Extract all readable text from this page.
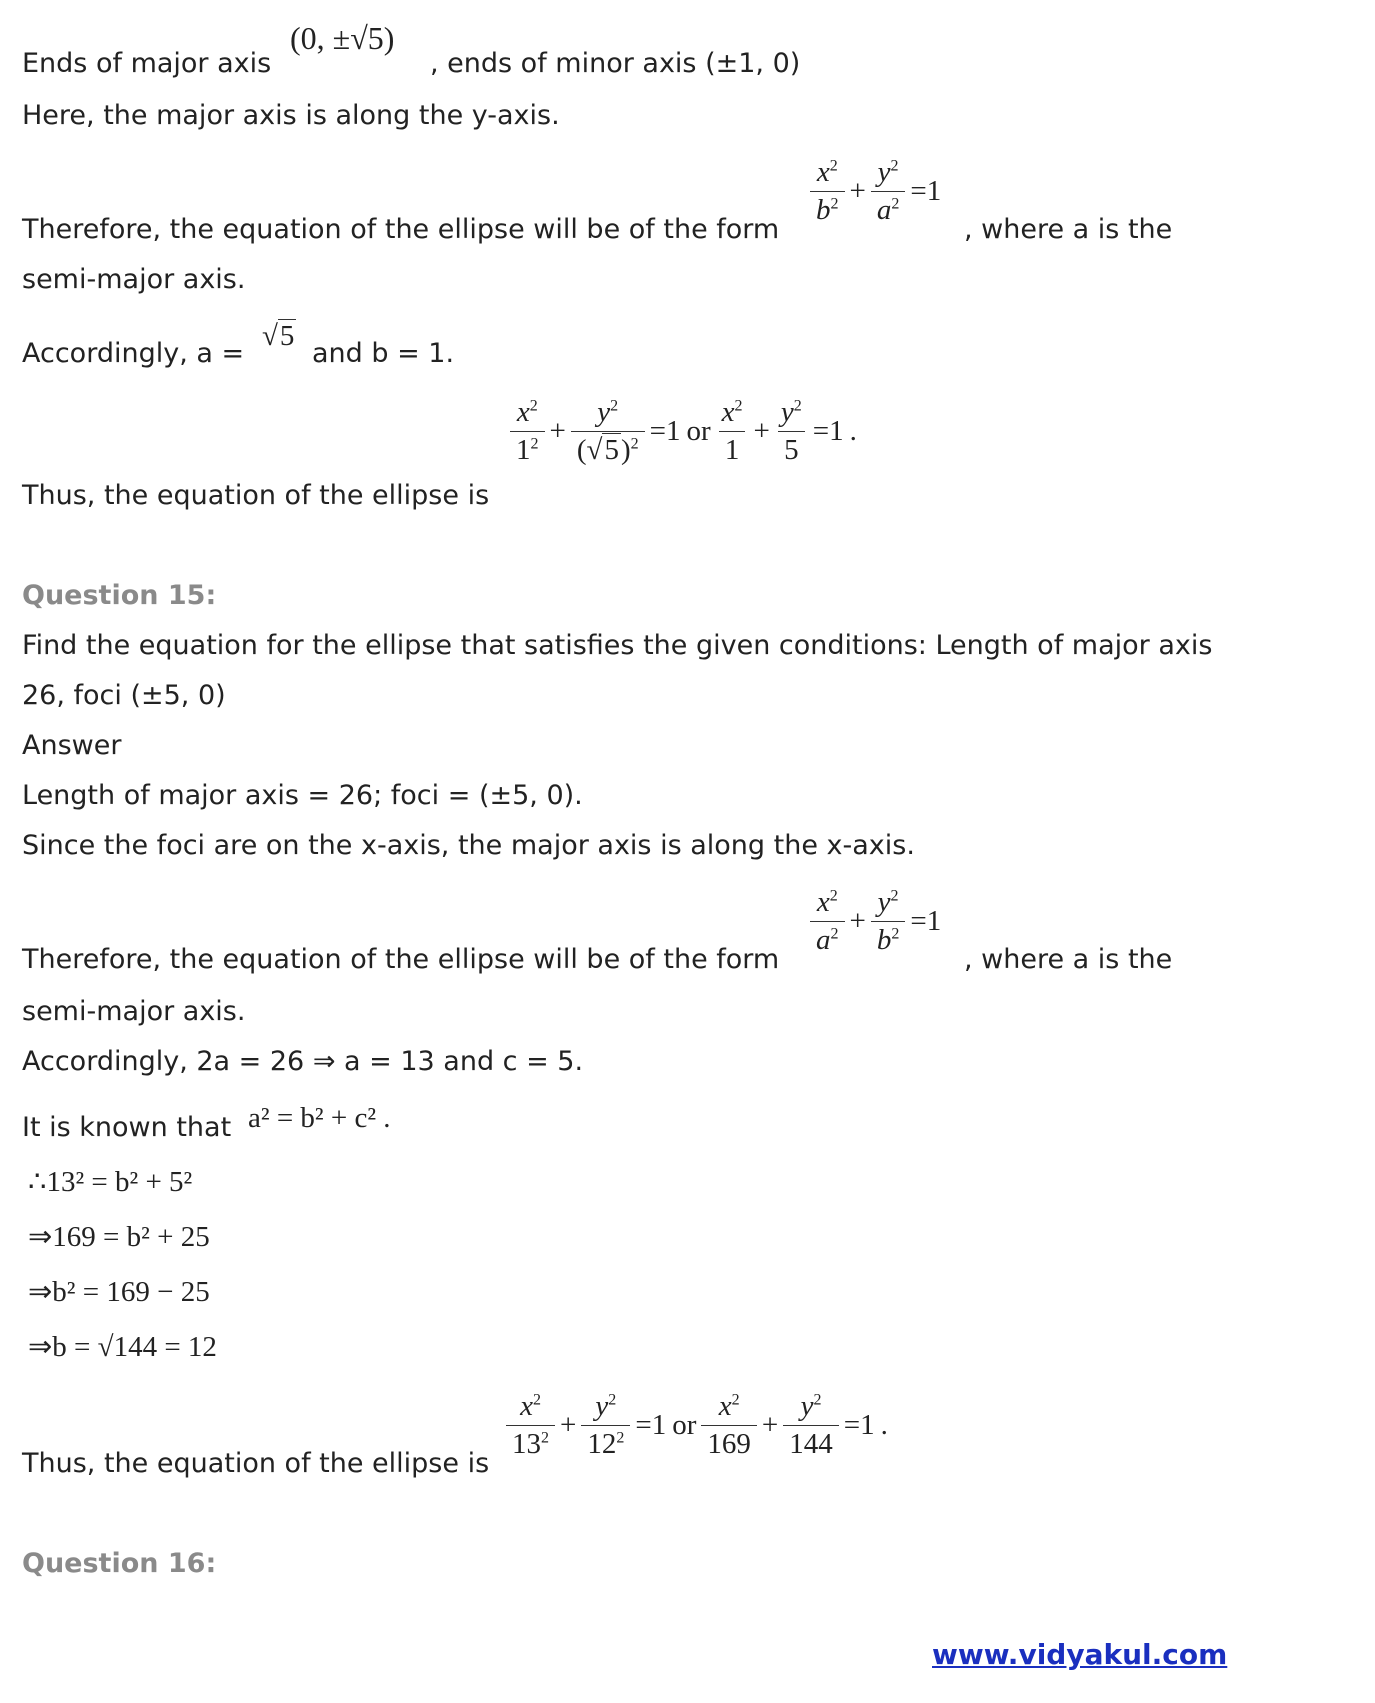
Ends of major axis
(0, ±√5)
, ends of minor axis (±1, 0)
Here, the major axis is along the y-axis.
Therefore, the equation of the ellipse will be of the form
$\frac{x^2}{b^2} + \frac{y^2}{a^2} =1$
, where a is the
semi-major axis.
Accordingly, a =
√5
and b = 1.
Thus, the equation of the ellipse is
$\frac{x^2}{1^2} + \frac{y^2}{(√5)^2} =1$ or $\frac{x^2}{1} + \frac{y^2}{5} =1$ .
Question 15:
Find the equation for the ellipse that satisfies the given conditions: Length of major axis
26, foci (±5, 0)
Answer
Length of major axis = 26; foci = (±5, 0).
Since the foci are on the x-axis, the major axis is along the x-axis.
Therefore, the equation of the ellipse will be of the form
$\frac{x^2}{a^2} + \frac{y^2}{b^2} =1$
, where a is the
semi-major axis.
Accordingly, 2a = 26 ⇒ a = 13 and c = 5.
It is known that a² = b² + c² .
∴13² = b² + 5²
⇒169 = b² + 25
⇒b² = 169 − 25
⇒b = √144 = 12
Thus, the equation of the ellipse is
$\frac{x^2}{13^2} + \frac{y^2}{12^2} =1$ or $\frac{x^2}{169} + \frac{y^2}{144} =1$ .
Question 16:
www.vidyakul.com
